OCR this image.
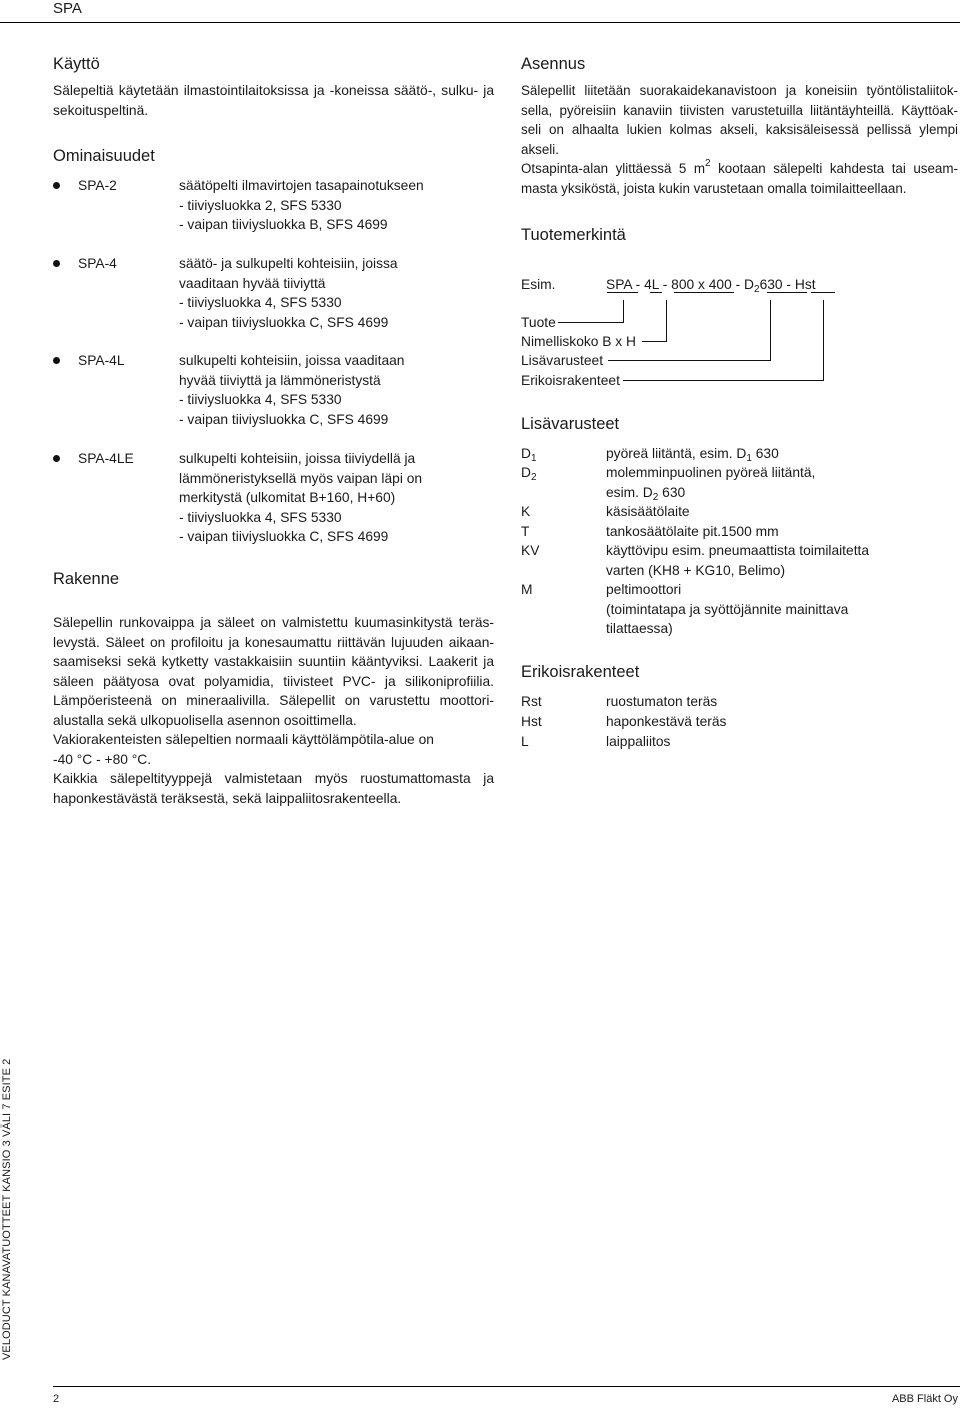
SPA
Käyttö
Sälepeltiä käytetään ilmastointilaitoksissa ja -koneissa säätö-, sulku- ja
sekoituspeltinä.
Ominaisuudet
SPA-2	säätöpelti ilmavirtojen tasapainotukseen
- tiiviysluokka 2, SFS 5330
- vaipan tiiviysluokka B, SFS 4699
SPA-4	säätö- ja sulkupelti kohteisiin, joissa
vaaditaan hyvää tiiviyttä
- tiiviysluokka 4, SFS 5330
- vaipan tiiviysluokka C, SFS 4699
SPA-4L	sulkupelti kohteisiin, joissa vaaditaan
hyvää tiiviyttä ja lämmöneristystä
- tiiviysluokka 4, SFS 5330
- vaipan tiiviysluokka C, SFS 4699
SPA-4LE	sulkupelti kohteisiin, joissa tiiviydellä ja
lämmöneristyksellä myös vaipan läpi on
merkitystä (ulkomitat B+160, H+60)
- tiiviysluokka 4, SFS 5330
- vaipan tiiviysluokka C, SFS 4699
Rakenne
Sälepellin runkovaippa ja säleet on valmistettu kuumasinkitystä teräs-
levystä. Säleet on profiloitu ja konesaumattu riittävän lujuuden aikaan-
saamiseksi sekä kytketty vastakkaisiin suuntiin kääntyviksi. Laakerit ja
säleen päätyosa ovat polyamidia, tiivisteet PVC- ja silikoniprofiilia.
Lämpöeristeenä on mineraalivilla. Sälepellit on varustettu moottori-
alustalla sekä ulkopuolisella asennon osoittimella.
Vakiorakenteisten sälepeltien normaali käyttölämpötila-alue on
-40 °C - +80 °C.
Kaikkia sälepeltityyppejä valmistetaan myös ruostumattomasta ja
haponkestävästä teräksestä, sekä laippaliitosrakenteella.
Asennus
Sälepellit liitetään suorakaidekanavistoon ja koneisiin työntölistaliitok-
sella, pyöreisiin kanaviin tiivisten varustetuilla liitäntäyhteillä. Käyttöak-
seli on alhaalta lukien kolmas akseli, kaksisäleisessä pellissä ylempi
akseli.
Otsapinta-alan ylittäessä 5 $m^2$ kootaan sälepelti kahdesta tai useam-
masta yksiköstä, joista kukin varustetaan omalla toimilaitteellaan.
Tuotemerkintä
Esim.	SPA - 4L - 800 x $400 - D_2630$ - Hst
Tuote
Nimelliskoko B x H
Lisävarusteet
Erikoisrakenteet
Lisävarusteet
$D_1$	pyöreä liitäntä, esim. $D_1$ 630
$D_2$	molemminpuolinen pyöreä liitäntä,
esim. $D_2$ 630
K	käsisäätölaite
T	tankosäätölaite pit.1500 mm
KV	käyttövipu esim. pneumaattista toimilaitetta
varten (KH8 + KG10, Belimo)
M	peltimoottori
(toimintatapa ja syöttöjännite mainittava
tilattaessa)
Erikoisrakenteet
Rst	ruostumaton teräs
Hst	haponkestävä teräs
L	laippaliitos
VELODUCT KANAVATUOTTEET KANSIO 3 VÄLI 7 ESITE 2
2	ABB Fläkt Oy
